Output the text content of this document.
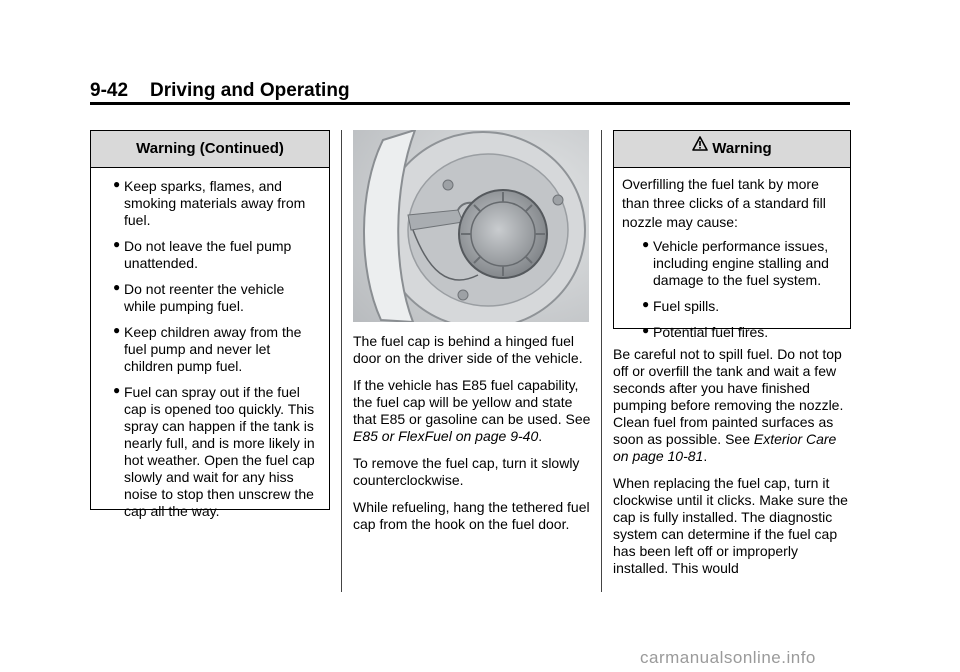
9-42 Driving and Operating
Warning (Continued)
● Keep sparks, flames, and smoking materials away from fuel.
● Do not leave the fuel pump unattended.
● Do not reenter the vehicle while pumping fuel.
● Keep children away from the fuel pump and never let children pump fuel.
● Fuel can spray out if the fuel cap is opened too quickly. This spray can happen if the tank is nearly full, and is more likely in hot weather. Open the fuel cap slowly and wait for any hiss noise to stop then unscrew the cap all the way.

The fuel cap is behind a hinged fuel door on the driver side of the vehicle.

If the vehicle has E85 fuel capability, the fuel cap will be yellow and state that E85 or gasoline can be used. See E85 or FlexFuel on page 9-40.

To remove the fuel cap, turn it slowly counterclockwise.

While refueling, hang the tethered fuel cap from the hook on the fuel door.

Warning
Overfilling the fuel tank by more than three clicks of a standard fill nozzle may cause:
● Vehicle performance issues, including engine stalling and damage to the fuel system.
● Fuel spills.
● Potential fuel fires.

Be careful not to spill fuel. Do not top off or overfill the tank and wait a few seconds after you have finished pumping before removing the nozzle. Clean fuel from painted surfaces as soon as possible. See Exterior Care on page 10-81.

When replacing the fuel cap, turn it clockwise until it clicks. Make sure the cap is fully installed. The diagnostic system can determine if the fuel cap has been left off or improperly installed. This would

carmanualsonline.info
